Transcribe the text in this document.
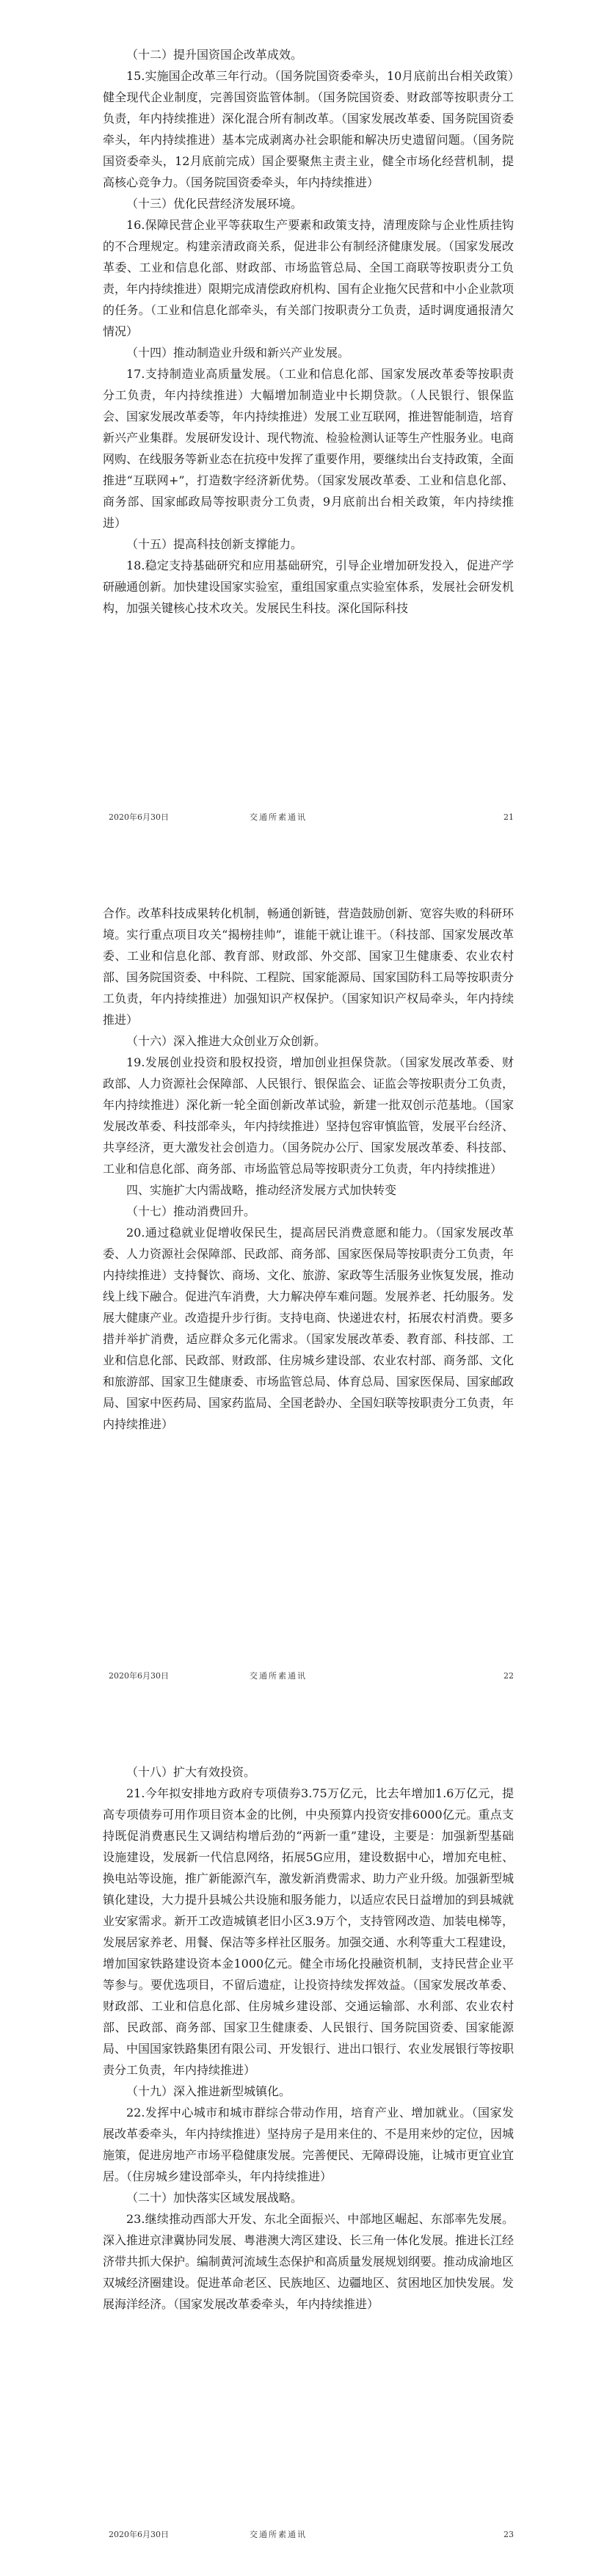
（十二）提升国资国企改革成效。

15.实施国企改革三年行动。（国务院国资委牵头，10月底前出台相关政策）健全现代企业制度，完善国资监管体制。（国务院国资委、财政部等按职责分工负责，年内持续推进）深化混合所有制改革。（国家发展改革委、国务院国资委牵头，年内持续推进）基本完成剥离办社会职能和解决历史遗留问题。（国务院国资委牵头，12月底前完成）国企要聚焦主责主业，健全市场化经营机制，提高核心竞争力。（国务院国资委牵头，年内持续推进）

（十三）优化民营经济发展环境。

16.保障民营企业平等获取生产要素和政策支持，清理废除与企业性质挂钩的不合理规定。构建亲清政商关系，促进非公有制经济健康发展。（国家发展改革委、工业和信息化部、财政部、市场监管总局、全国工商联等按职责分工负责，年内持续推进）限期完成清偿政府机构、国有企业拖欠民营和中小企业款项的任务。（工业和信息化部牵头，有关部门按职责分工负责，适时调度通报清欠情况）

（十四）推动制造业升级和新兴产业发展。

17.支持制造业高质量发展。（工业和信息化部、国家发展改革委等按职责分工负责，年内持续推进）大幅增加制造业中长期贷款。（人民银行、银保监会、国家发展改革委等，年内持续推进）发展工业互联网，推进智能制造，培育新兴产业集群。发展研发设计、现代物流、检验检测认证等生产性服务业。电商网购、在线服务等新业态在抗疫中发挥了重要作用，要继续出台支持政策，全面推进“互联网+”，打造数字经济新优势。（国家发展改革委、工业和信息化部、商务部、国家邮政局等按职责分工负责，9月底前出台相关政策，年内持续推进）

（十五）提高科技创新支撑能力。

18.稳定支持基础研究和应用基础研究，引导企业增加研发投入，促进产学研融通创新。加快建设国家实验室，重组国家重点实验室体系，发展社会研发机构，加强关键核心技术攻关。发展民生科技。深化国际科技

2020年6月30日	交通所素通讯	21

合作。改革科技成果转化机制，畅通创新链，营造鼓励创新、宽容失败的科研环境。实行重点项目攻关“揭榜挂帅”，谁能干就让谁干。（科技部、国家发展改革委、工业和信息化部、教育部、财政部、外交部、国家卫生健康委、农业农村部、国务院国资委、中科院、工程院、国家能源局、国家国防科工局等按职责分工负责，年内持续推进）加强知识产权保护。（国家知识产权局牵头，年内持续推进）

（十六）深入推进大众创业万众创新。

19.发展创业投资和股权投资，增加创业担保贷款。（国家发展改革委、财政部、人力资源社会保障部、人民银行、银保监会、证监会等按职责分工负责，年内持续推进）深化新一轮全面创新改革试验，新建一批双创示范基地。（国家发展改革委、科技部牵头，年内持续推进）坚持包容审慎监管，发展平台经济、共享经济，更大激发社会创造力。（国务院办公厅、国家发展改革委、科技部、工业和信息化部、商务部、市场监管总局等按职责分工负责，年内持续推进）

四、实施扩大内需战略，推动经济发展方式加快转变

（十七）推动消费回升。

20.通过稳就业促增收保民生，提高居民消费意愿和能力。（国家发展改革委、人力资源社会保障部、民政部、商务部、国家医保局等按职责分工负责，年内持续推进）支持餐饮、商场、文化、旅游、家政等生活服务业恢复发展，推动线上线下融合。促进汽车消费，大力解决停车难问题。发展养老、托幼服务。发展大健康产业。改造提升步行街。支持电商、快递进农村，拓展农村消费。要多措并举扩消费，适应群众多元化需求。（国家发展改革委、教育部、科技部、工业和信息化部、民政部、财政部、住房城乡建设部、农业农村部、商务部、文化和旅游部、国家卫生健康委、市场监管总局、体育总局、国家医保局、国家邮政局、国家中医药局、国家药监局、全国老龄办、全国妇联等按职责分工负责，年内持续推进）

2020年6月30日	交通所素通讯	22

（十八）扩大有效投资。

21.今年拟安排地方政府专项债券3.75万亿元，比去年增加1.6万亿元，提高专项债券可用作项目资本金的比例，中央预算内投资安排6000亿元。重点支持既促消费惠民生又调结构增后劲的“两新一重”建设，主要是：加强新型基础设施建设，发展新一代信息网络，拓展5G应用，建设数据中心，增加充电桩、换电站等设施，推广新能源汽车，激发新消费需求、助力产业升级。加强新型城镇化建设，大力提升县城公共设施和服务能力，以适应农民日益增加的到县城就业安家需求。新开工改造城镇老旧小区3.9万个，支持管网改造、加装电梯等，发展居家养老、用餐、保洁等多样社区服务。加强交通、水利等重大工程建设，增加国家铁路建设资本金1000亿元。健全市场化投融资机制，支持民营企业平等参与。要优选项目，不留后遗症，让投资持续发挥效益。（国家发展改革委、财政部、工业和信息化部、住房城乡建设部、交通运输部、水利部、农业农村部、民政部、商务部、国家卫生健康委、人民银行、国务院国资委、国家能源局、中国国家铁路集团有限公司、开发银行、进出口银行、农业发展银行等按职责分工负责，年内持续推进）

（十九）深入推进新型城镇化。

22.发挥中心城市和城市群综合带动作用，培育产业、增加就业。（国家发展改革委牵头，年内持续推进）坚持房子是用来住的、不是用来炒的定位，因城施策，促进房地产市场平稳健康发展。完善便民、无障碍设施，让城市更宜业宜居。（住房城乡建设部牵头，年内持续推进）

（二十）加快落实区域发展战略。

23.继续推动西部大开发、东北全面振兴、中部地区崛起、东部率先发展。深入推进京津冀协同发展、粤港澳大湾区建设、长三角一体化发展。推进长江经济带共抓大保护。编制黄河流域生态保护和高质量发展规划纲要。推动成渝地区双城经济圈建设。促进革命老区、民族地区、边疆地区、贫困地区加快发展。发展海洋经济。（国家发展改革委牵头，年内持续推进）

2020年6月30日	交通所素通讯	23
